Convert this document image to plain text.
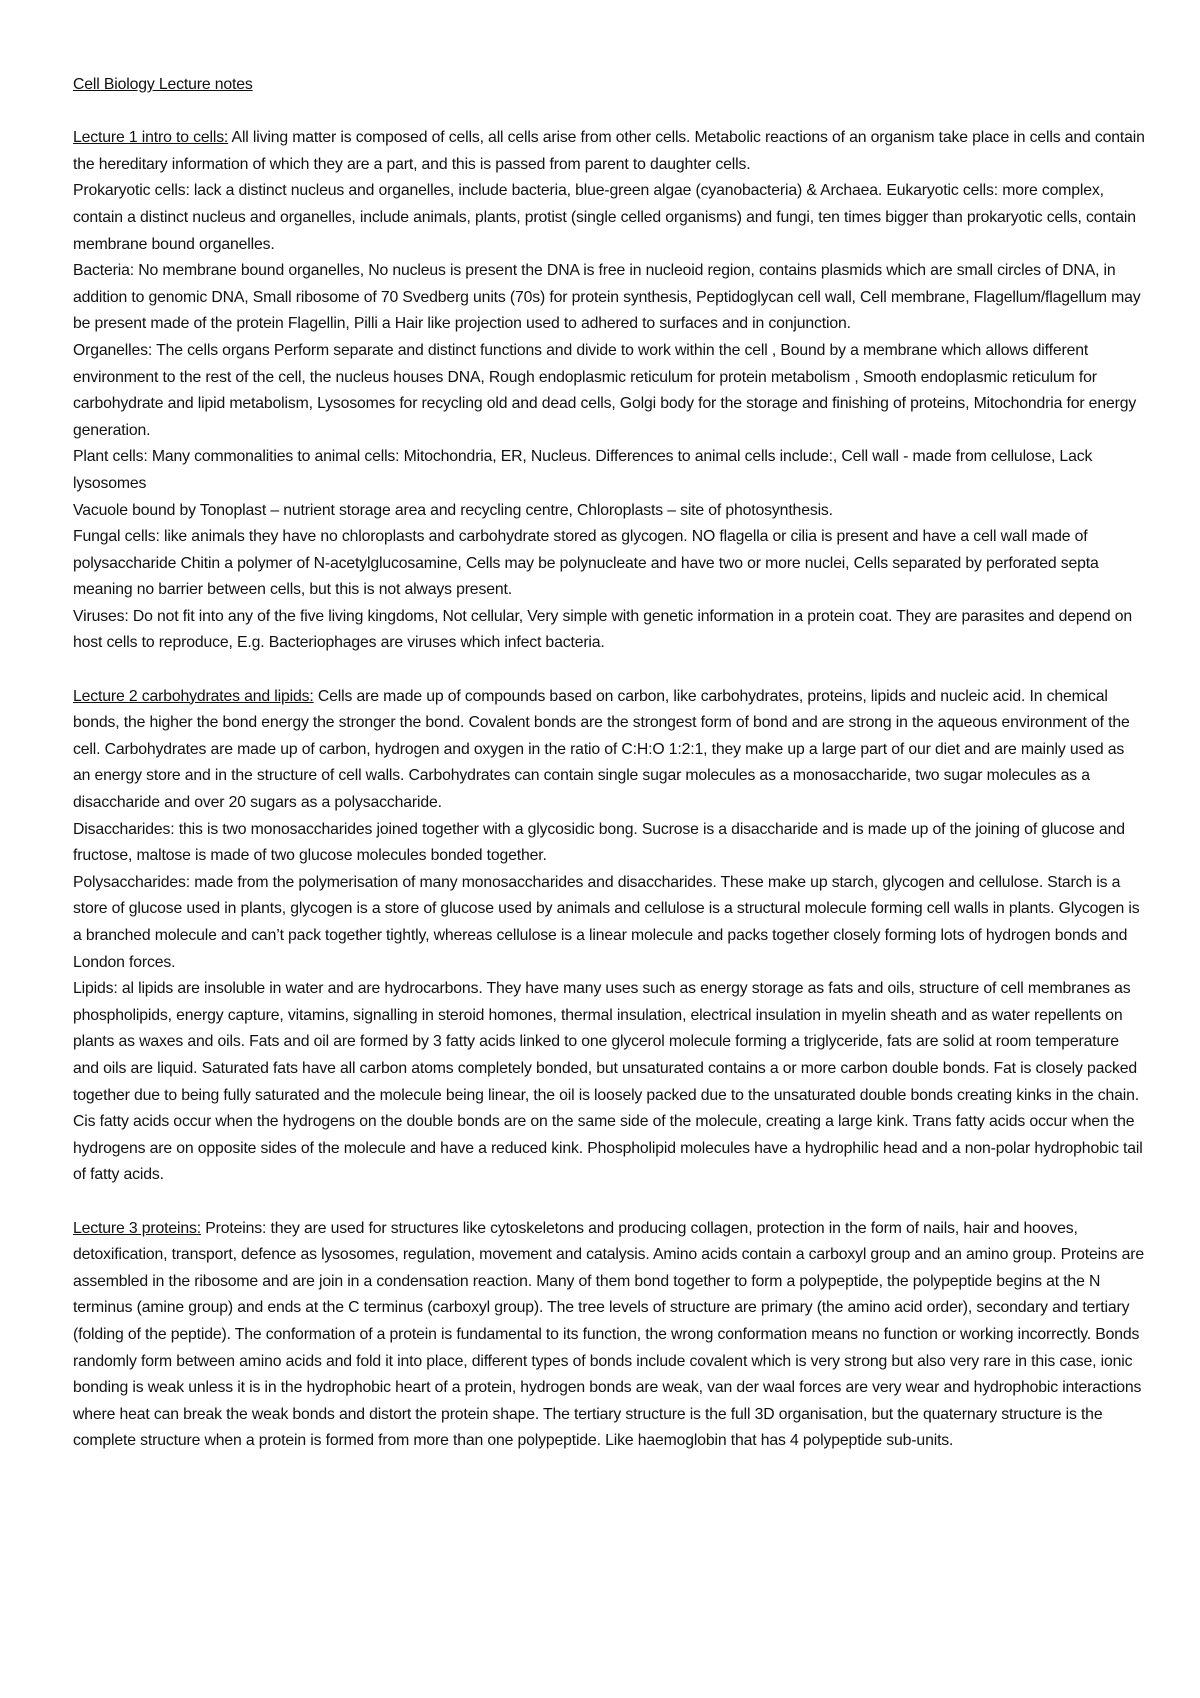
Cell Biology Lecture notes

Lecture 1 intro to cells: All living matter is composed of cells, all cells arise from other cells. Metabolic reactions of an organism take place in cells and contain the hereditary information of which they are a part, and this is passed from parent to daughter cells.

Prokaryotic cells: lack a distinct nucleus and organelles, include bacteria, blue-green algae (cyanobacteria) & Archaea. Eukaryotic cells: more complex, contain a distinct nucleus and organelles, include animals, plants, protist (single celled organisms) and fungi, ten times bigger than prokaryotic cells, contain membrane bound organelles.

Bacteria: No membrane bound organelles, No nucleus is present the DNA is free in nucleoid region, contains plasmids which are small circles of DNA, in addition to genomic DNA, Small ribosome of 70 Svedberg units (70s) for protein synthesis, Peptidoglycan cell wall, Cell membrane, Flagellum/flagellum may be present made of the protein Flagellin, Pilli a Hair like projection used to adhered to surfaces and in conjunction.

Organelles: The cells organs Perform separate and distinct functions and divide to work within the cell , Bound by a membrane which allows different environment to the rest of the cell, the nucleus houses DNA, Rough endoplasmic reticulum for protein metabolism , Smooth endoplasmic reticulum for carbohydrate and lipid metabolism, Lysosomes for recycling old and dead cells, Golgi body for the storage and finishing of proteins, Mitochondria for energy generation.

Plant cells: Many commonalities to animal cells: Mitochondria, ER, Nucleus. Differences to animal cells include:, Cell wall - made from cellulose, Lack lysosomes

Vacuole bound by Tonoplast – nutrient storage area and recycling centre, Chloroplasts – site of photosynthesis.

Fungal cells: like animals they have no chloroplasts and carbohydrate stored as glycogen. NO flagella or cilia is present and have a cell wall made of polysaccharide Chitin a polymer of N-acetylglucosamine, Cells may be polynucleate and have two or more nuclei, Cells separated by perforated septa meaning no barrier between cells, but this is not always present.

Viruses: Do not fit into any of the five living kingdoms, Not cellular, Very simple with genetic information in a protein coat. They are parasites and depend on host cells to reproduce, E.g. Bacteriophages are viruses which infect bacteria.

Lecture 2 carbohydrates and lipids: Cells are made up of compounds based on carbon, like carbohydrates, proteins, lipids and nucleic acid. In chemical bonds, the higher the bond energy the stronger the bond. Covalent bonds are the strongest form of bond and are strong in the aqueous environment of the cell. Carbohydrates are made up of carbon, hydrogen and oxygen in the ratio of C:H:O 1:2:1, they make up a large part of our diet and are mainly used as an energy store and in the structure of cell walls. Carbohydrates can contain single sugar molecules as a monosaccharide, two sugar molecules as a disaccharide and over 20 sugars as a polysaccharide.

Disaccharides: this is two monosaccharides joined together with a glycosidic bong. Sucrose is a disaccharide and is made up of the joining of glucose and fructose, maltose is made of two glucose molecules bonded together.

Polysaccharides: made from the polymerisation of many monosaccharides and disaccharides. These make up starch, glycogen and cellulose. Starch is a store of glucose used in plants, glycogen is a store of glucose used by animals and cellulose is a structural molecule forming cell walls in plants. Glycogen is a branched molecule and can’t pack together tightly, whereas cellulose is a linear molecule and packs together closely forming lots of hydrogen bonds and London forces.

Lipids: al lipids are insoluble in water and are hydrocarbons. They have many uses such as energy storage as fats and oils, structure of cell membranes as phospholipids, energy capture, vitamins, signalling in steroid homones, thermal insulation, electrical insulation in myelin sheath and as water repellents on plants as waxes and oils. Fats and oil are formed by 3 fatty acids linked to one glycerol molecule forming a triglyceride, fats are solid at room temperature and oils are liquid. Saturated fats have all carbon atoms completely bonded, but unsaturated contains a or more carbon double bonds. Fat is closely packed together due to being fully saturated and the molecule being linear, the oil is loosely packed due to the unsaturated double bonds creating kinks in the chain. Cis fatty acids occur when the hydrogens on the double bonds are on the same side of the molecule, creating a large kink. Trans fatty acids occur when the hydrogens are on opposite sides of the molecule and have a reduced kink. Phospholipid molecules have a hydrophilic head and a non-polar hydrophobic tail of fatty acids.

Lecture 3 proteins: Proteins: they are used for structures like cytoskeletons and producing collagen, protection in the form of nails, hair and hooves, detoxification, transport, defence as lysosomes, regulation, movement and catalysis. Amino acids contain a carboxyl group and an amino group. Proteins are assembled in the ribosome and are join in a condensation reaction. Many of them bond together to form a polypeptide, the polypeptide begins at the N terminus (amine group) and ends at the C terminus (carboxyl group). The tree levels of structure are primary (the amino acid order), secondary and tertiary (folding of the peptide). The conformation of a protein is fundamental to its function, the wrong conformation means no function or working incorrectly. Bonds randomly form between amino acids and fold it into place, different types of bonds include covalent which is very strong but also very rare in this case, ionic bonding is weak unless it is in the hydrophobic heart of a protein, hydrogen bonds are weak, van der waal forces are very wear and hydrophobic interactions where heat can break the weak bonds and distort the protein shape. The tertiary structure is the full 3D organisation, but the quaternary structure is the complete structure when a protein is formed from more than one polypeptide. Like haemoglobin that has 4 polypeptide sub-units.
